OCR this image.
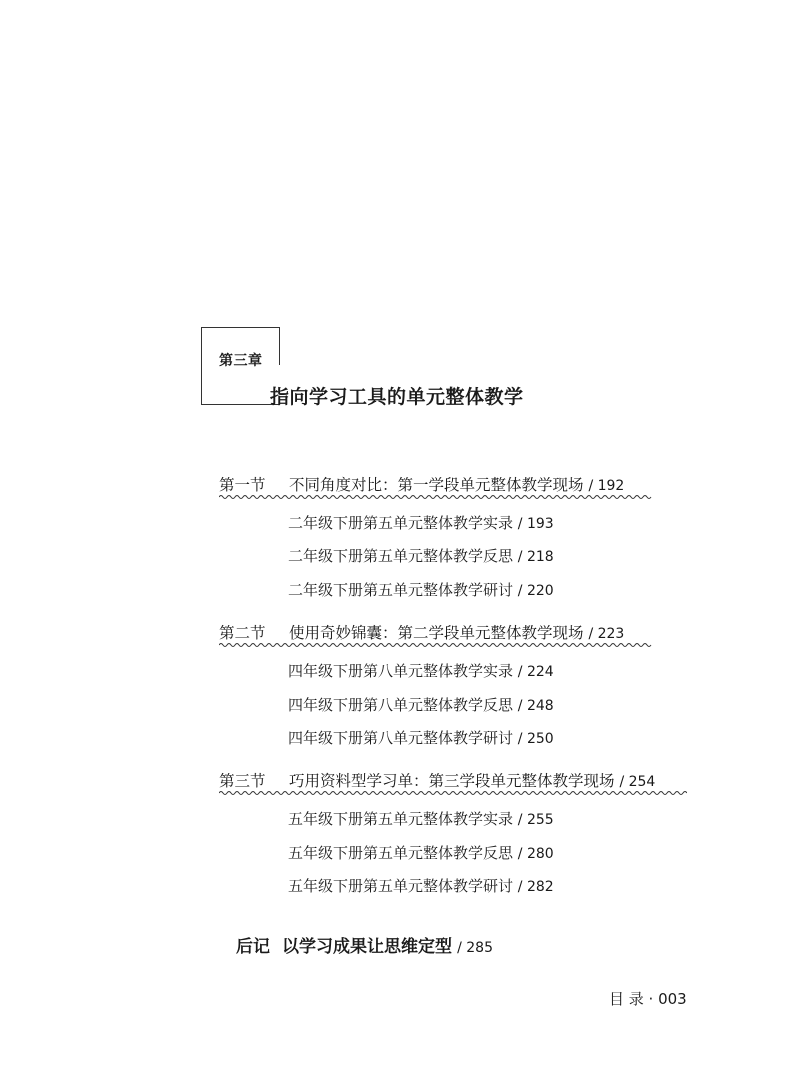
第三章
指向学习工具的单元整体教学
第一节 不同角度对比：第一学段单元整体教学现场 / 192
二年级下册第五单元整体教学实录 / 193
二年级下册第五单元整体教学反思 / 218
二年级下册第五单元整体教学研讨 / 220
第二节 使用奇妙锦囊：第二学段单元整体教学现场 / 223
四年级下册第八单元整体教学实录 / 224
四年级下册第八单元整体教学反思 / 248
四年级下册第八单元整体教学研讨 / 250
第三节 巧用资料型学习单：第三学段单元整体教学现场 / 254
五年级下册第五单元整体教学实录 / 255
五年级下册第五单元整体教学反思 / 280
五年级下册第五单元整体教学研讨 / 282
后记 以学习成果让思维定型 / 285
目 录 · 003
